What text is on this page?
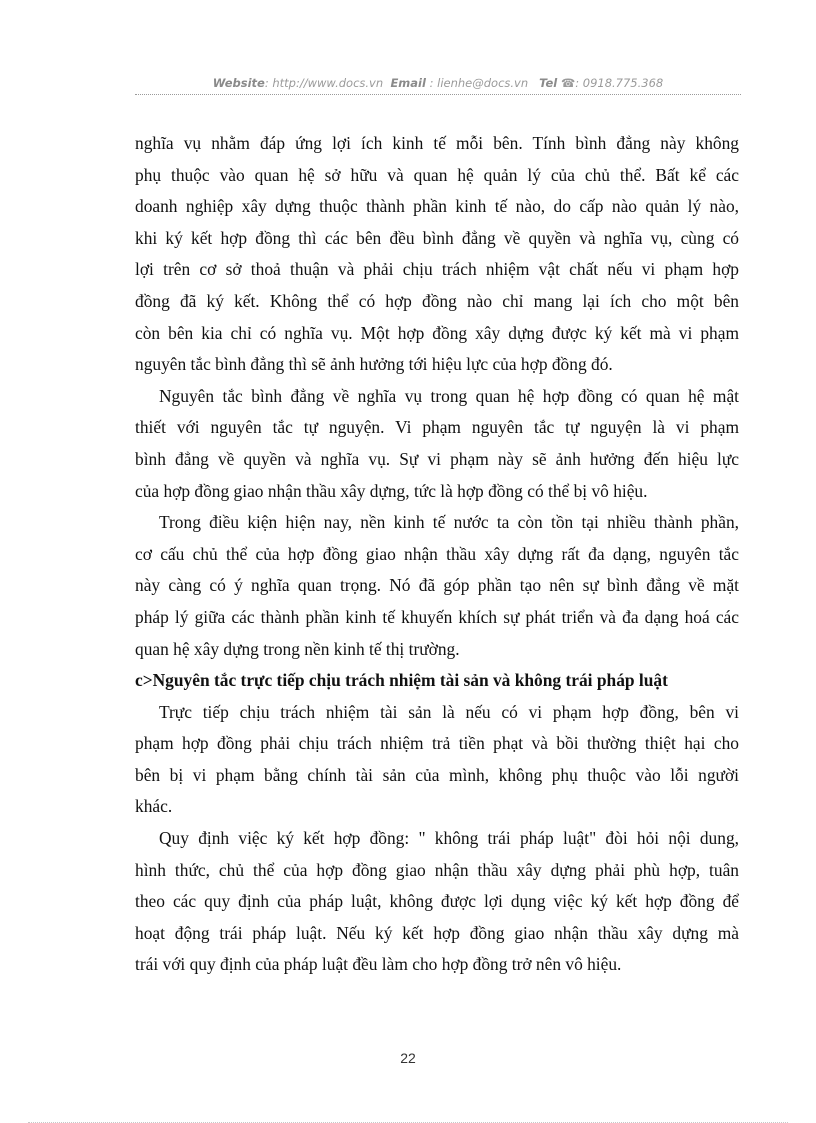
Website: http://www.docs.vn Email : lienhe@docs.vn Tel ☎: 0918.775.368

nghĩa vụ nhằm đáp ứng lợi ích kinh tế mỗi bên. Tính bình đẳng này không

phụ thuộc vào quan hệ sở hữu và quan hệ quản lý của chủ thể. Bất kể các

doanh nghiệp xây dựng thuộc thành phần kinh tế nào, do cấp nào quản lý nào,

khi ký kết hợp đồng thì các bên đều bình đẳng về quyền và nghĩa vụ, cùng có

lợi trên cơ sở thoả thuận và phải chịu trách nhiệm vật chất nếu vi phạm hợp

đồng đã ký kết. Không thể có hợp đồng nào chỉ mang lại ích cho một bên

còn bên kia chỉ có nghĩa vụ. Một hợp đồng xây dựng được ký kết mà vi phạm

nguyên tắc bình đẳng thì sẽ ảnh hưởng tới hiệu lực của hợp đồng đó.

Nguyên tắc bình đẳng về nghĩa vụ trong quan hệ hợp đồng có quan hệ mật

thiết với nguyên tắc tự nguyện. Vi phạm nguyên tắc tự nguyện là vi phạm

bình đẳng về quyền và nghĩa vụ. Sự vi phạm này sẽ ảnh hưởng đến hiệu lực

của hợp đồng giao nhận thầu xây dựng, tức là hợp đồng có thể bị vô hiệu.

Trong điều kiện hiện nay, nền kinh tế nước ta còn tồn tại nhiều thành phần,

cơ cấu chủ thể của hợp đồng giao nhận thầu xây dựng rất đa dạng, nguyên tắc

này càng có ý nghĩa quan trọng. Nó đã góp phần tạo nên sự bình đẳng về mặt

pháp lý giữa các thành phần kinh tế khuyến khích sự phát triển và đa dạng hoá các

quan hệ xây dựng trong nền kinh tế thị trường.

c>Nguyên tắc trực tiếp chịu trách nhiệm tài sản và không trái pháp luật

Trực tiếp chịu trách nhiệm tài sản là nếu có vi phạm hợp đồng, bên vi

phạm hợp đồng phải chịu trách nhiệm trả tiền phạt và bồi thường thiệt hại cho

bên bị vi phạm bằng chính tài sản của mình, không phụ thuộc vào lỗi người

khác.

Quy định việc ký kết hợp đồng: " không trái pháp luật" đòi hỏi nội dung,

hình thức, chủ thể của hợp đồng giao nhận thầu xây dựng phải phù hợp, tuân

theo các quy định của pháp luật, không được lợi dụng việc ký kết hợp đồng để

hoạt động trái pháp luật. Nếu ký kết hợp đồng giao nhận thầu xây dựng mà

trái với quy định của pháp luật đều làm cho hợp đồng trở nên vô hiệu.

22
